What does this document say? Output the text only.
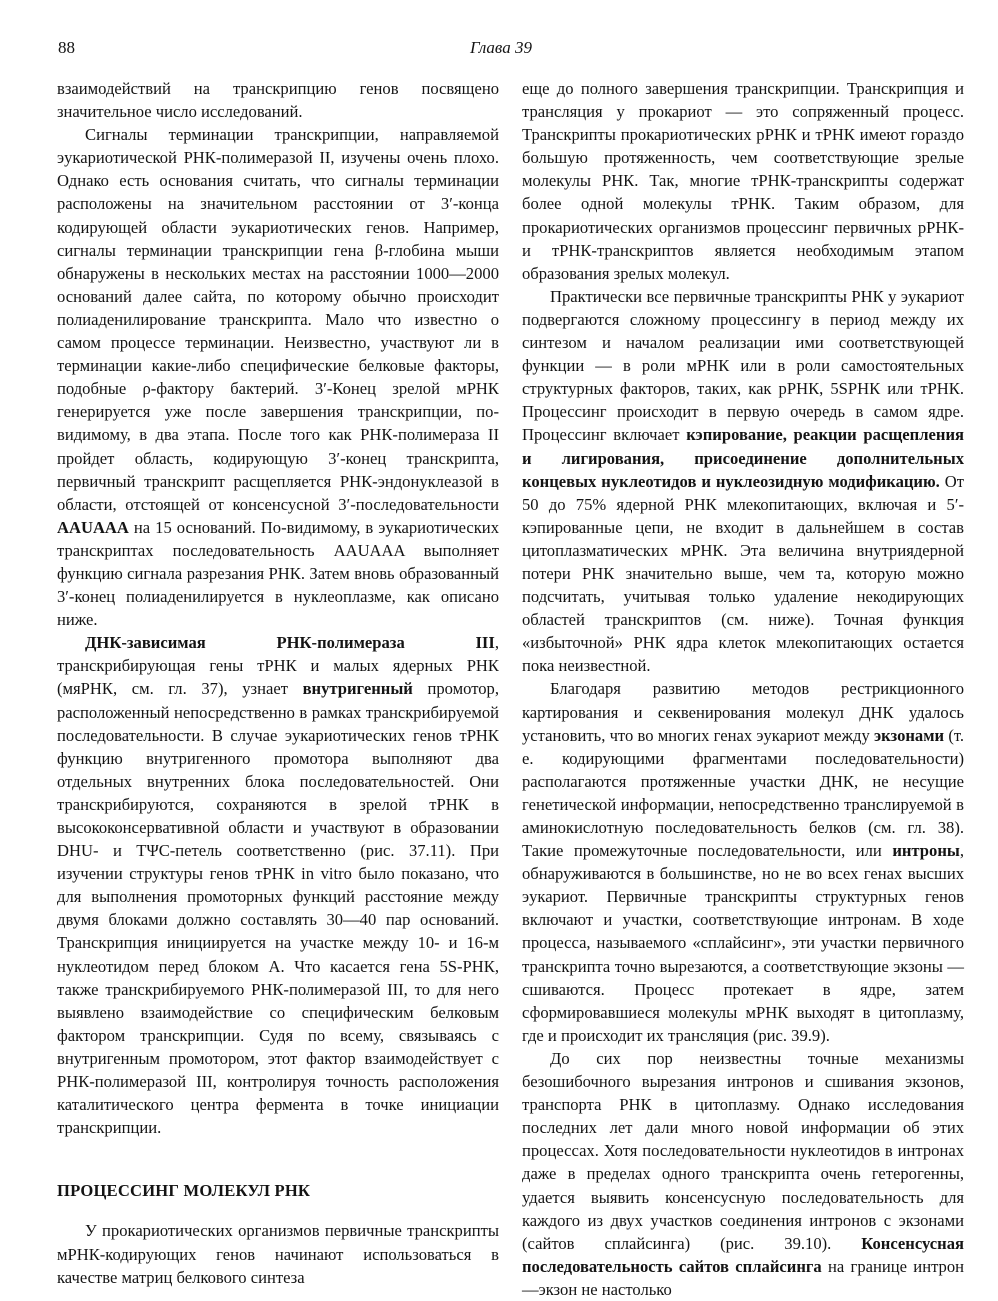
88	Глава 39

взаимодействий на транскрипцию генов посвящено значительное число исследований.

Сигналы терминации транскрипции, направляемой эукариотической РНК-полимеразой II, изучены очень плохо. Однако есть основания считать, что сигналы терминации расположены на значительном расстоянии от 3′-конца кодирующей области эукариотических генов. Например, сигналы терминации транскрипции гена β-глобина мыши обнаружены в нескольких местах на расстоянии 1000—2000 оснований далее сайта, по которому обычно происходит полиаденилирование транскрипта. Мало что известно о самом процессе терминации. Неизвестно, участвуют ли в терминации какие-либо специфические белковые факторы, подобные ρ-фактору бактерий. 3′-Конец зрелой мРНК генерируется уже после завершения транскрипции, по-видимому, в два этапа. После того как РНК-полимераза II пройдет область, кодирующую 3′-конец транскрипта, первичный транскрипт расщепляется РНК-эндонуклеазой в области, отстоящей от консенсусной 3′-последовательности AAUAAA на 15 оснований. По-видимому, в эукариотических транскриптах последовательность AAUAAA выполняет функцию сигнала разрезания РНК. Затем вновь образованный 3′-конец полиаденилируется в нуклеоплазме, как описано ниже.

ДНК-зависимая РНК-полимераза III, транскрибирующая гены тРНК и малых ядерных РНК (мяРНК, см. гл. 37), узнает внутригенный промотор, расположенный непосредственно в рамках транскрибируемой последовательности. В случае эукариотических генов тРНК функцию внутригенного промотора выполняют два отдельных внутренних блока последовательностей. Они транскрибируются, сохраняются в зрелой тРНК в высококонсервативной области и участвуют в образовании DHU- и TΨC-петель соответственно (рис. 37.11). При изучении структуры генов тРНК in vitro было показано, что для выполнения промоторных функций расстояние между двумя блоками должно составлять 30—40 пар оснований. Транскрипция инициируется на участке между 10- и 16-м нуклеотидом перед блоком A. Что касается гена 5S-РНК, также транскрибируемого РНК-полимеразой III, то для него выявлено взаимодействие со специфическим белковым фактором транскрипции. Судя по всему, связываясь с внутригенным промотором, этот фактор взаимодействует с РНК-полимеразой III, контролируя точность расположения каталитического центра фермента в точке инициации транскрипции.

ПРОЦЕССИНГ МОЛЕКУЛ РНК

У прокариотических организмов первичные транскрипты мРНК-кодирующих генов начинают использоваться в качестве матриц белкового синтеза

еще до полного завершения транскрипции. Транскрипция и трансляция у прокариот — это сопряженный процесс. Транскрипты прокариотических рРНК и тРНК имеют гораздо большую протяженность, чем соответствующие зрелые молекулы РНК. Так, многие тРНК-транскрипты содержат более одной молекулы тРНК. Таким образом, для прокариотических организмов процессинг первичных рРНК- и тРНК-транскриптов является необходимым этапом образования зрелых молекул.

Практически все первичные транскрипты РНК у эукариот подвергаются сложному процессингу в период между их синтезом и началом реализации ими соответствующей функции — в роли мРНК или в роли самостоятельных структурных факторов, таких, как рРНК, 5SРНК или тРНК. Процессинг происходит в первую очередь в самом ядре. Процессинг включает кэпирование, реакции расщепления и лигирования, присоединение дополнительных концевых нуклеотидов и нуклеозидную модификацию. От 50 до 75% ядерной РНК млекопитающих, включая и 5′-кэпированные цепи, не входит в дальнейшем в состав цитоплазматических мРНК. Эта величина внутриядерной потери РНК значительно выше, чем та, которую можно подсчитать, учитывая только удаление некодирующих областей транскриптов (см. ниже). Точная функция «избыточной» РНК ядра клеток млекопитающих остается пока неизвестной.

Благодаря развитию методов рестрикционного картирования и секвенирования молекул ДНК удалось установить, что во многих генах эукариот между экзонами (т. е. кодирующими фрагментами последовательности) располагаются протяженные участки ДНК, не несущие генетической информации, непосредственно транслируемой в аминокислотную последовательность белков (см. гл. 38). Такие промежуточные последовательности, или интроны, обнаруживаются в большинстве, но не во всех генах высших эукариот. Первичные транскрипты структурных генов включают и участки, соответствующие интронам. В ходе процесса, называемого «сплайсинг», эти участки первичного транскрипта точно вырезаются, а соответствующие экзоны — сшиваются. Процесс протекает в ядре, затем сформировавшиеся молекулы мРНК выходят в цитоплазму, где и происходит их трансляция (рис. 39.9).

До сих пор неизвестны точные механизмы безошибочного вырезания интронов и сшивания экзонов, транспорта РНК в цитоплазму. Однако исследования последних лет дали много новой информации об этих процессах. Хотя последовательности нуклеотидов в интронах даже в пределах одного транскрипта очень гетерогенны, удается выявить консенсусную последовательность для каждого из двух участков соединения интронов с экзонами (сайтов сплайсинга) (рис. 39.10). Консенсусная последовательность сайтов сплайсинга на границе интрон—экзон не настолько
